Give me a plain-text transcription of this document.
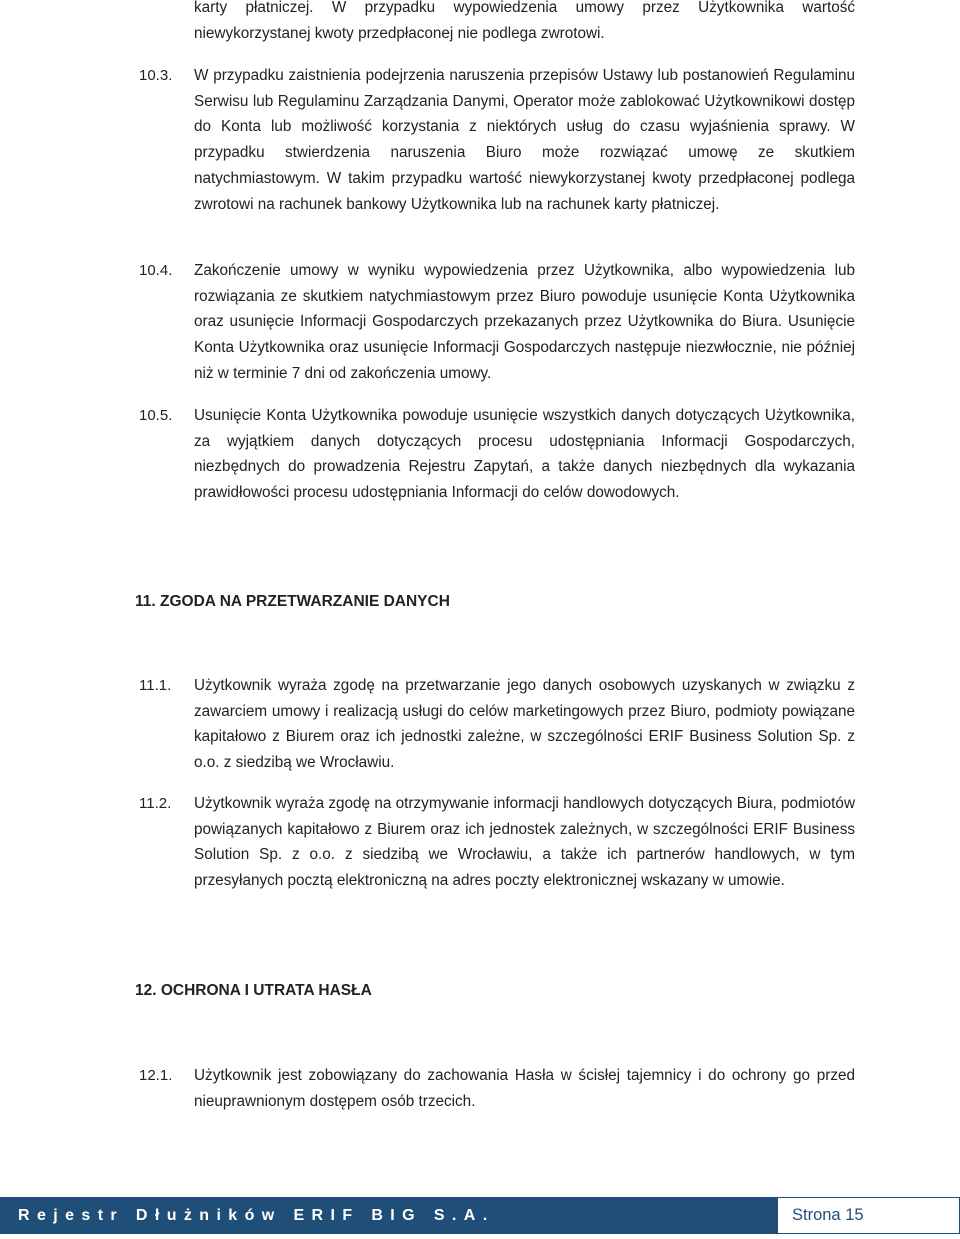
karty płatniczej. W przypadku wypowiedzenia umowy przez Użytkownika wartość niewykorzystanej kwoty przedpłaconej nie podlega zwrotowi.
10.3. W przypadku zaistnienia podejrzenia naruszenia przepisów Ustawy lub postanowień Regulaminu Serwisu lub Regulaminu Zarządzania Danymi, Operator może zablokować Użytkownikowi dostęp do Konta lub możliwość korzystania z niektórych usług do czasu wyjaśnienia sprawy. W przypadku stwierdzenia naruszenia Biuro może rozwiązać umowę ze skutkiem natychmiastowym. W takim przypadku wartość niewykorzystanej kwoty przedpłaconej podlega zwrotowi na rachunek bankowy Użytkownika lub na rachunek karty płatniczej.
10.4. Zakończenie umowy w wyniku wypowiedzenia przez Użytkownika, albo wypowiedzenia lub rozwiązania ze skutkiem natychmiastowym przez Biuro powoduje usunięcie Konta Użytkownika oraz usunięcie Informacji Gospodarczych przekazanych przez Użytkownika do Biura. Usunięcie Konta Użytkownika oraz usunięcie Informacji Gospodarczych następuje niezwłocznie, nie później niż w terminie 7 dni od zakończenia umowy.
10.5. Usunięcie Konta Użytkownika powoduje usunięcie wszystkich danych dotyczących Użytkownika, za wyjątkiem danych dotyczących procesu udostępniania Informacji Gospodarczych, niezbędnych do prowadzenia Rejestru Zapytań, a także danych niezbędnych dla wykazania prawidłowości procesu udostępniania Informacji do celów dowodowych.
11. ZGODA NA PRZETWARZANIE DANYCH
11.1. Użytkownik wyraża zgodę na przetwarzanie jego danych osobowych uzyskanych w związku z zawarciem umowy i realizacją usługi do celów marketingowych przez Biuro, podmioty powiązane kapitałowo z Biurem oraz ich jednostki zależne, w szczególności ERIF Business Solution Sp. z o.o. z siedzibą we Wrocławiu.
11.2. Użytkownik wyraża zgodę na otrzymywanie informacji handlowych dotyczących Biura, podmiotów powiązanych kapitałowo z Biurem oraz ich jednostek zależnych, w szczególności ERIF Business Solution Sp. z o.o. z siedzibą we Wrocławiu, a także ich partnerów handlowych, w tym przesyłanych pocztą elektroniczną na adres poczty elektronicznej wskazany w umowie.
12. OCHRONA I UTRATA HASŁA
12.1. Użytkownik jest zobowiązany do zachowania Hasła w ścisłej tajemnicy i do ochrony go przed nieuprawnionym dostępem osób trzecich.
Rejestr Dłużników ERIF BIG S.A.	Strona 15
